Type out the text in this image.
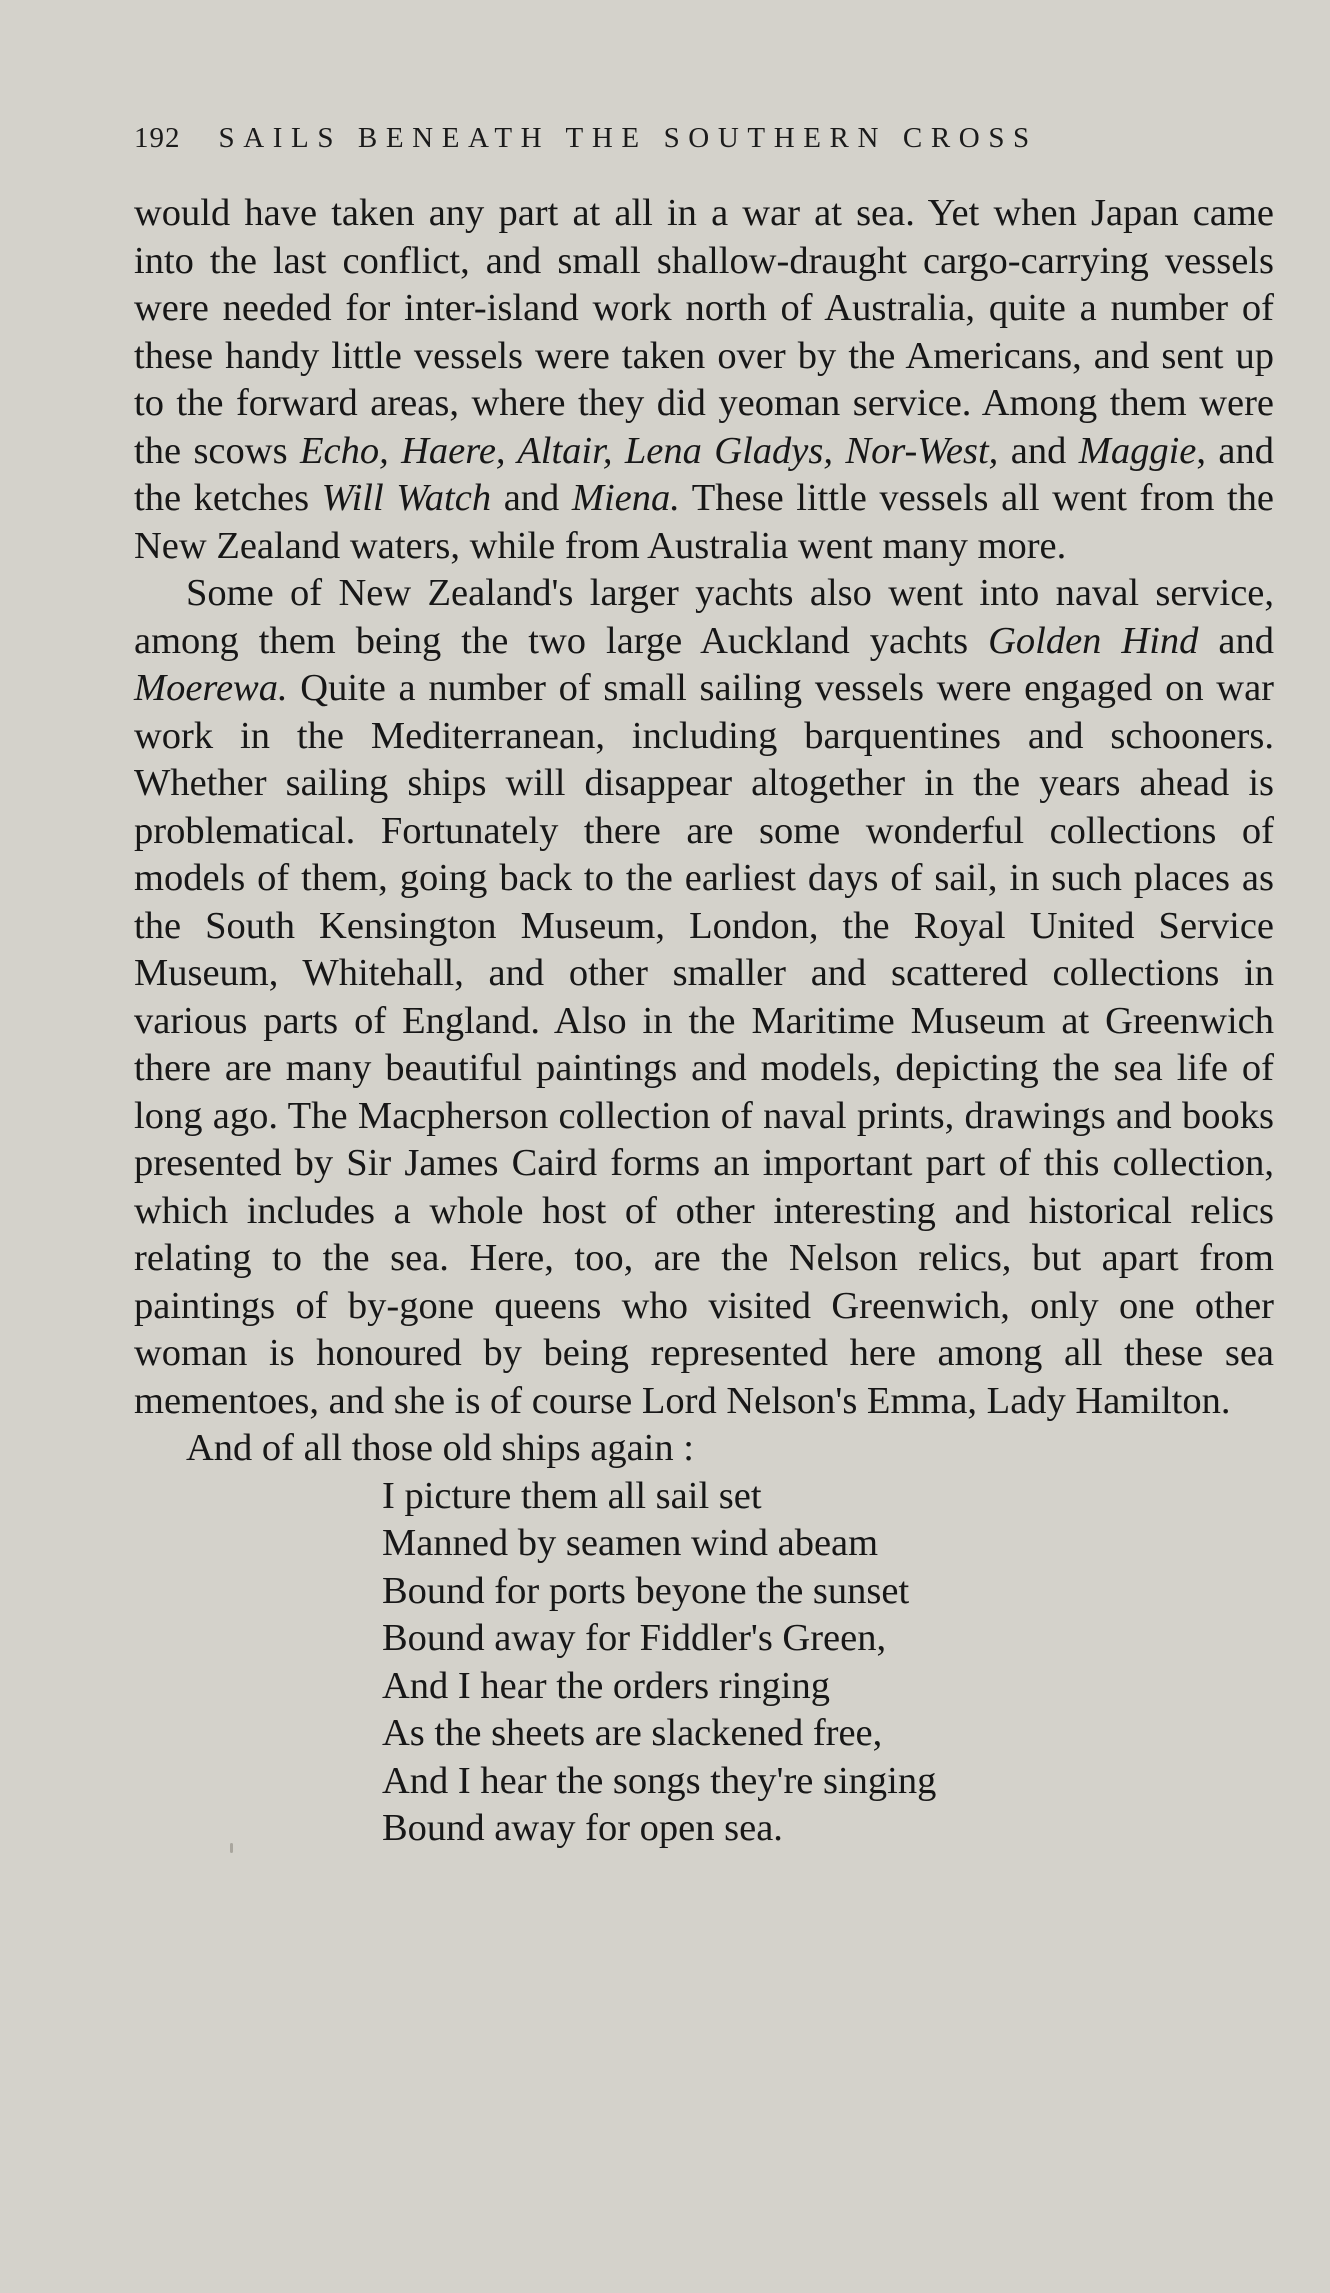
192 SAILS BENEATH THE SOUTHERN CROSS

would have taken any part at all in a war at sea. Yet when Japan came into the last conflict, and small shallow-draught cargo-carrying vessels were needed for inter-island work north of Australia, quite a number of these handy little vessels were taken over by the Americans, and sent up to the forward areas, where they did yeoman service. Among them were the scows Echo, Haere, Altair, Lena Gladys, Nor-West, and Maggie, and the ketches Will Watch and Miena. These little vessels all went from the New Zealand waters, while from Australia went many more.

Some of New Zealand's larger yachts also went into naval service, among them being the two large Auckland yachts Golden Hind and Moerewa. Quite a number of small sailing vessels were engaged on war work in the Mediterranean, including barquentines and schooners. Whether sailing ships will disappear altogether in the years ahead is problematical. Fortunately there are some wonderful collections of models of them, going back to the earliest days of sail, in such places as the South Kensington Museum, London, the Royal United Service Museum, Whitehall, and other smaller and scattered collections in various parts of England. Also in the Maritime Museum at Greenwich there are many beautiful paintings and models, depicting the sea life of long ago. The Macpherson collection of naval prints, drawings and books presented by Sir James Caird forms an important part of this collection, which includes a whole host of other interesting and historical relics relating to the sea. Here, too, are the Nelson relics, but apart from paintings of by-gone queens who visited Greenwich, only one other woman is honoured by being represented here among all these sea mementoes, and she is of course Lord Nelson's Emma, Lady Hamilton.

And of all those old ships again :

I picture them all sail set
Manned by seamen wind abeam
Bound for ports beyone the sunset
Bound away for Fiddler's Green,
And I hear the orders ringing
As the sheets are slackened free,
And I hear the songs they're singing
Bound away for open sea.
